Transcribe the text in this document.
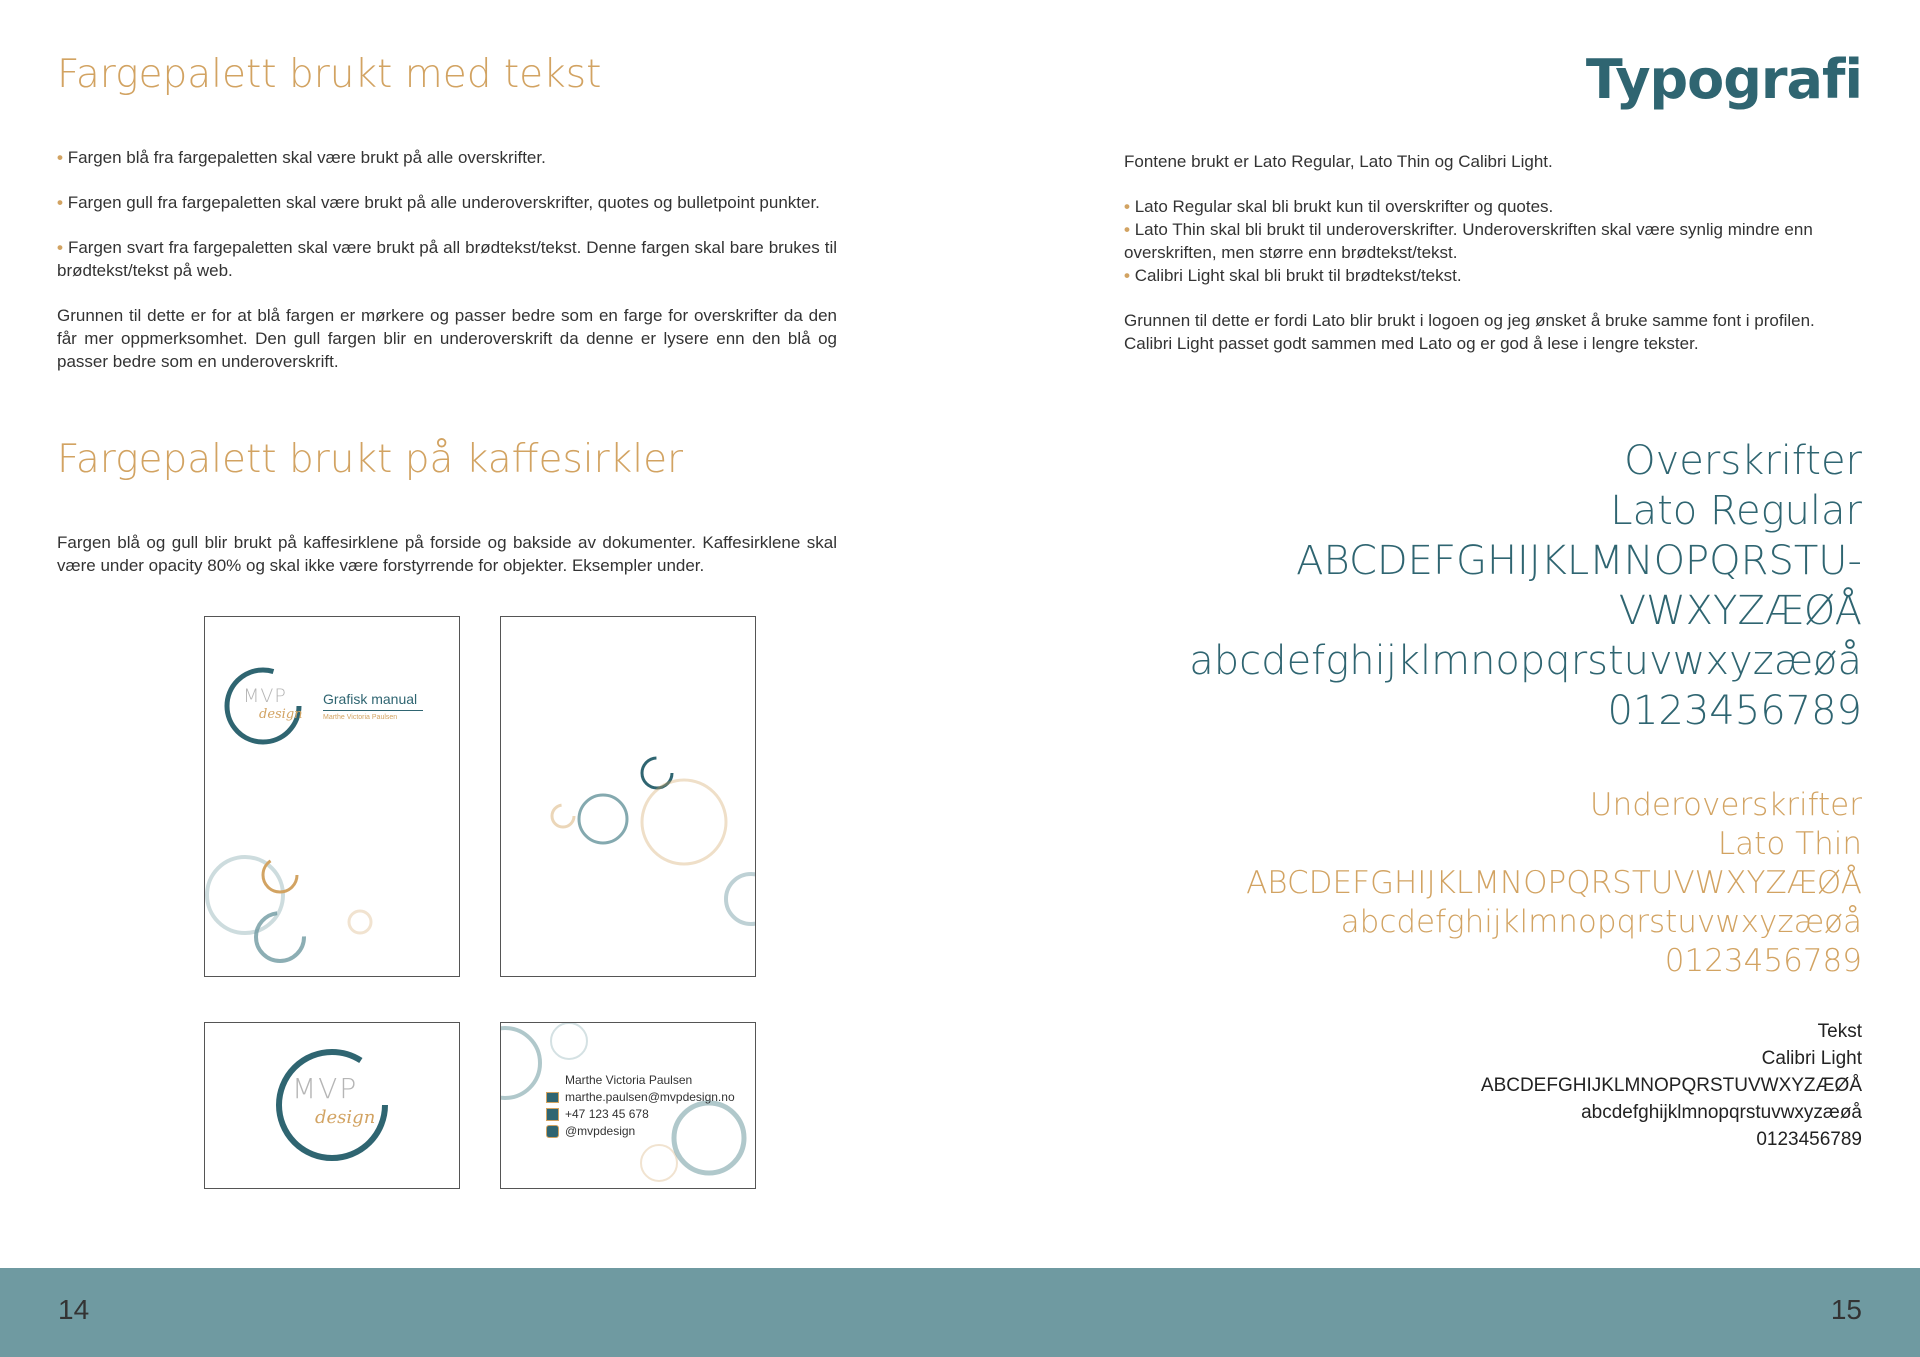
Fargepalett brukt med tekst

• Fargen blå fra fargepaletten skal være brukt på alle overskrifter.

• Fargen gull fra fargepaletten skal være brukt på alle underoverskrifter, quotes og bulletpoint punkter.

• Fargen svart fra fargepaletten skal være brukt på all brødtekst/tekst. Denne fargen skal bare brukes til brødtekst/tekst på web.

Grunnen til dette er for at blå fargen er mørkere og passer bedre som en farge for overskrifter da den får mer oppmerksomhet. Den gull fargen blir en underoverskrift da denne er lysere enn den blå og passer bedre som en underoverskrift.

Fargepalett brukt på kaffesirkler
Fargen blå og gull blir brukt på kaffesirklene på forside og bakside av dokumenter. Kaffesirklene skal være under opacity 80% og skal ikke være forstyrrende for objekter. Eksempler under.
MVP
design
Grafisk manual
Marthe Victoria Paulsen
MVP
design
Marthe Victoria Paulsen
marthe.paulsen@mvpdesign.no
+47 123 45 678
@mvpdesign
Typografi

Fontene brukt er Lato Regular, Lato Thin og Calibri Light.

• Lato Regular skal bli brukt kun til overskrifter og quotes.

• Lato Thin skal bli brukt til underoverskrifter. Underoverskriften skal være synlig mindre enn overskriften, men større enn brødtekst/tekst.

• Calibri Light skal bli brukt til brødtekst/tekst.

Grunnen til dette er fordi Lato blir brukt i logoen og jeg ønsket å bruke samme font i profilen. Calibri Light passet godt sammen med Lato og er god å lese i lengre tekster.

Overskrifter
Lato Regular
ABCDEFGHIJKLMNOPQRSTU-
VWXYZÆØÅ
abcdefghijklmnopqrstuvwxyzæøå
0123456789
Underoverskrifter
Lato Thin
ABCDEFGHIJKLMNOPQRSTUVWXYZÆØÅ
abcdefghijklmnopqrstuvwxyzæøå
0123456789
Tekst
Calibri Light
ABCDEFGHIJKLMNOPQRSTUVWXYZÆØÅ
abcdefghijklmnopqrstuvwxyzæøå
0123456789
14	15
